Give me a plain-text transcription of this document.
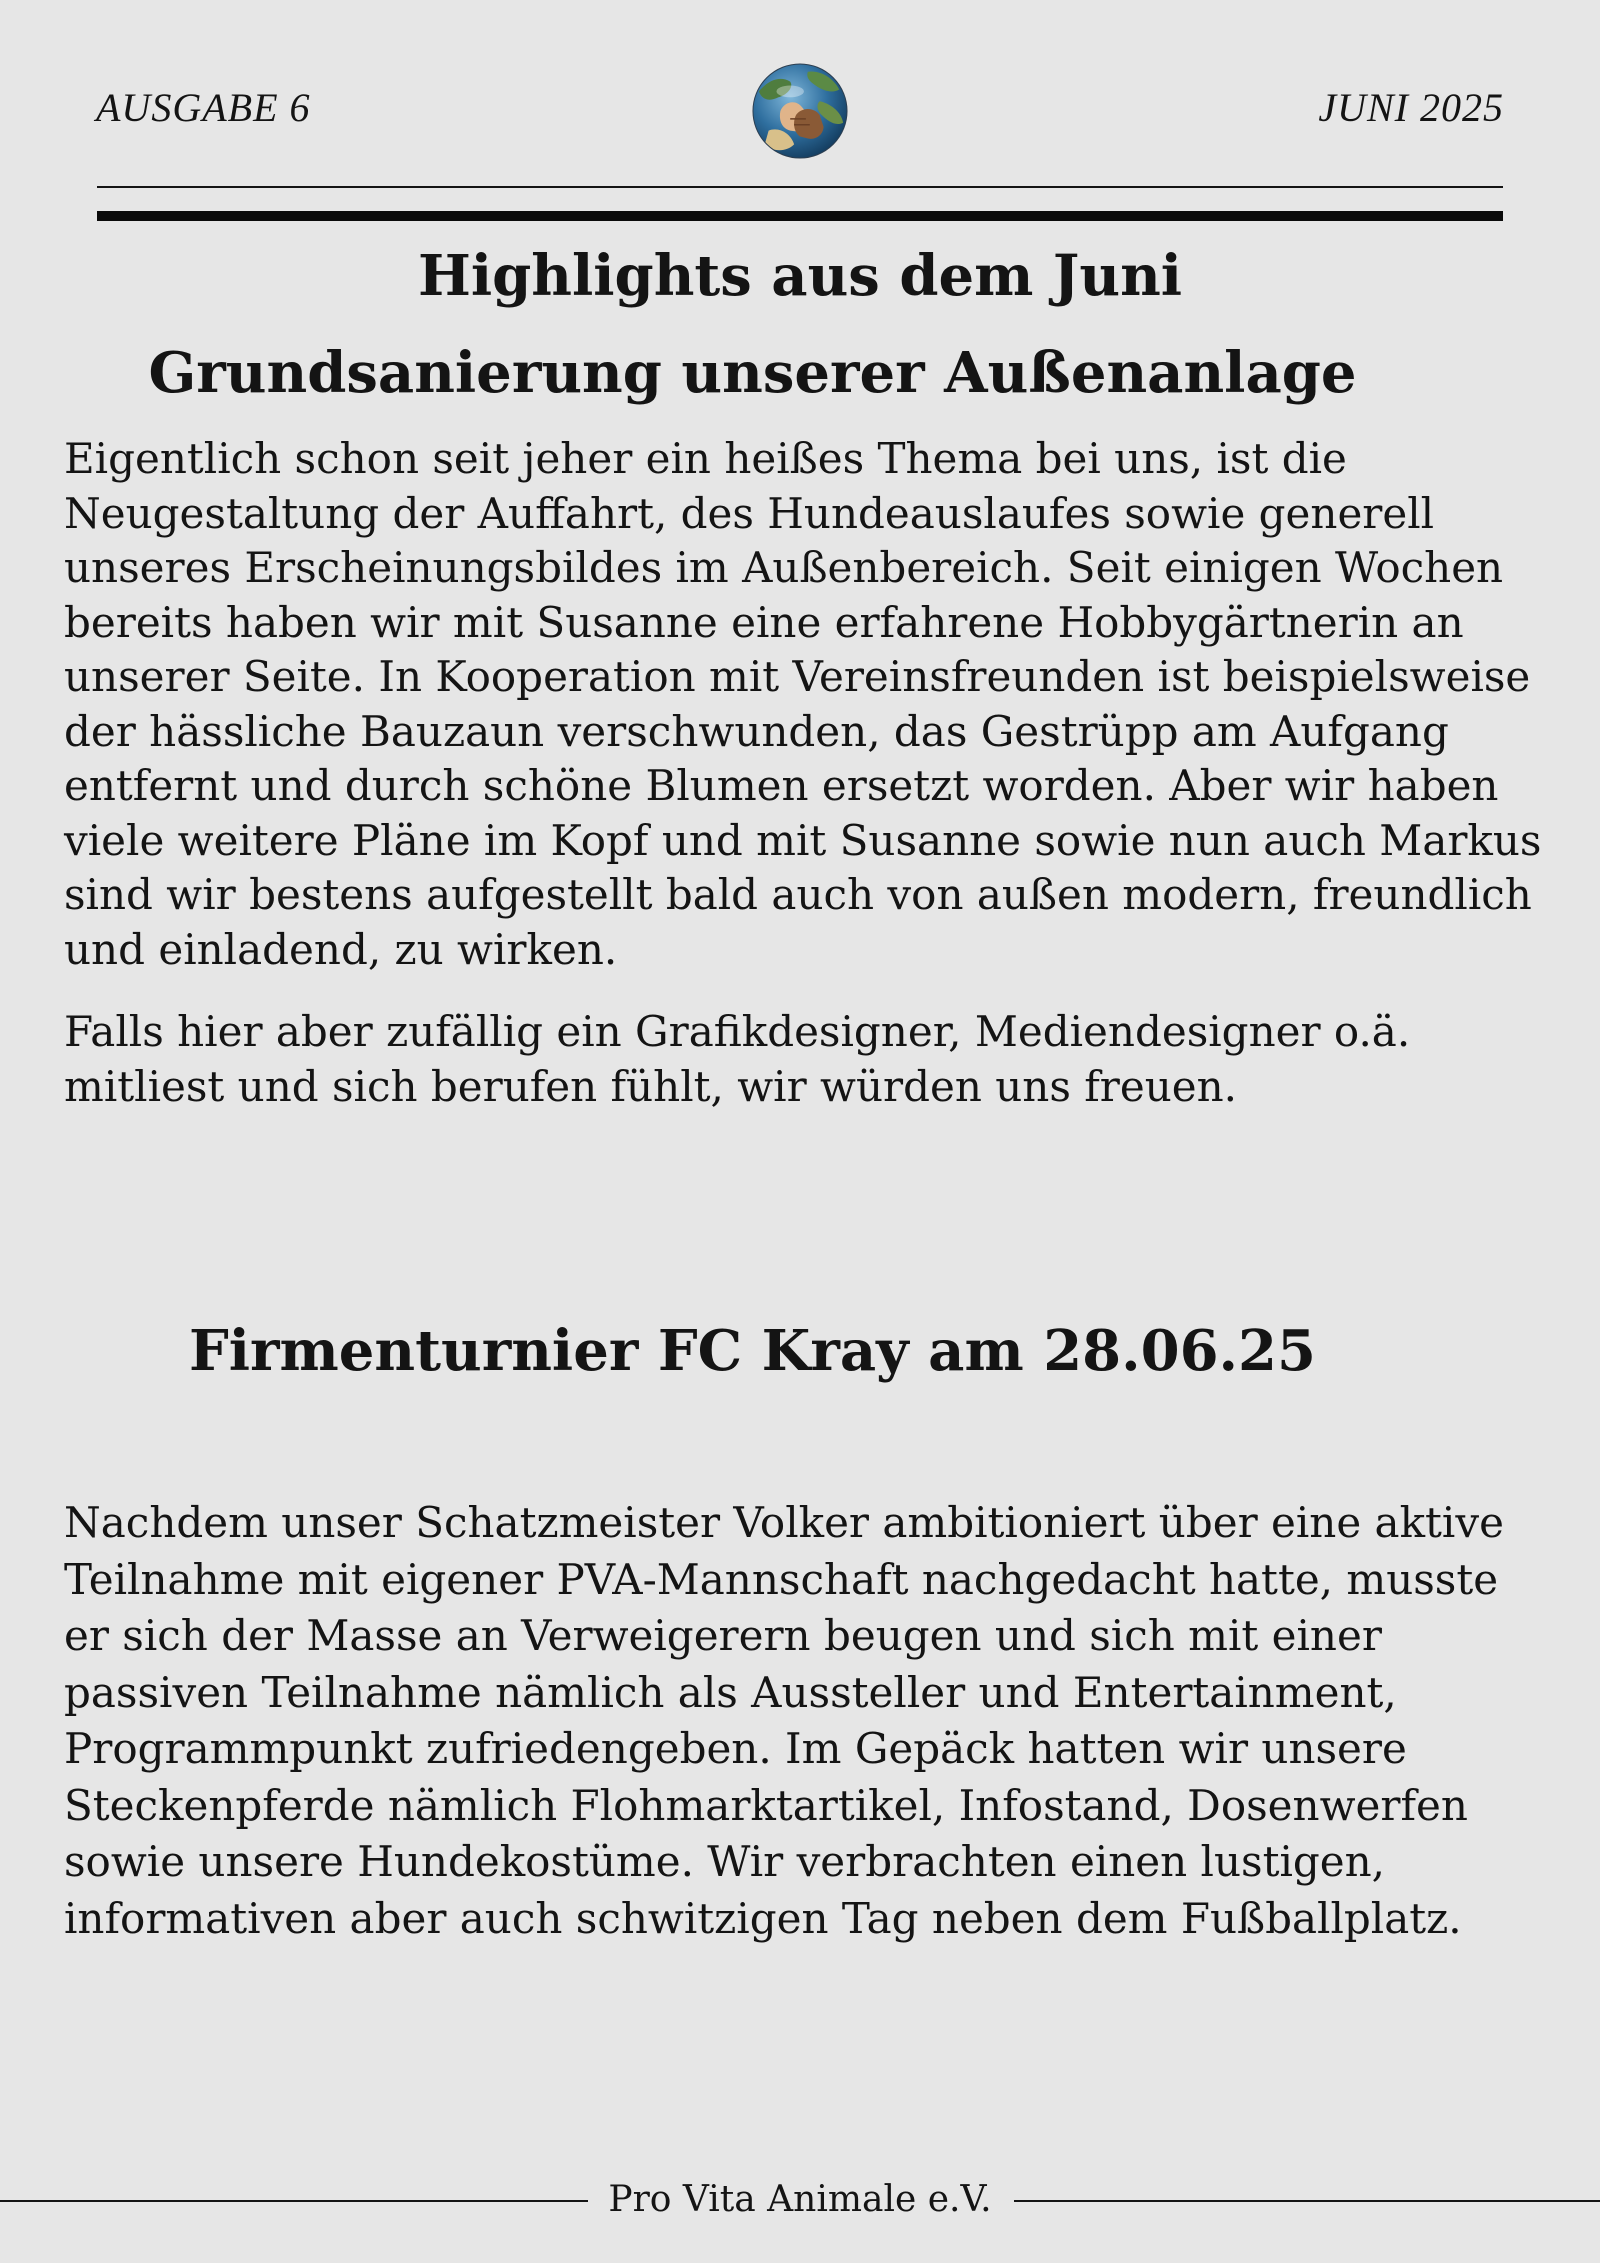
AUSGABE 6	JUNI 2025
Highlights aus dem Juni
Grundsanierung unserer Außenanlage

Eigentlich schon seit jeher ein heißes Thema bei uns, ist die Neugestaltung der Auffahrt, des Hundeauslaufes sowie generell unseres Erscheinungsbildes im Außenbereich. Seit einigen Wochen bereits haben wir mit Susanne eine erfahrene Hobbygärtnerin an unserer Seite. In Kooperation mit Vereinsfreunden ist beispielsweise der hässliche Bauzaun verschwunden, das Gestrüpp am Aufgang entfernt und durch schöne Blumen ersetzt worden. Aber wir haben viele weitere Pläne im Kopf und mit Susanne sowie nun auch Markus sind wir bestens aufgestellt bald auch von außen modern, freundlich und einladend, zu wirken.

Falls hier aber zufällig ein Grafikdesigner, Mediendesigner o.ä. mitliest und sich berufen fühlt, wir würden uns freuen.

Firmenturnier FC Kray am 28.06.25

Nachdem unser Schatzmeister Volker ambitioniert über eine aktive Teilnahme mit eigener PVA-Mannschaft nachgedacht hatte, musste er sich der Masse an Verweigerern beugen und sich mit einer passiven Teilnahme nämlich als Aussteller und Entertainment, Programmpunkt zufriedengeben. Im Gepäck hatten wir unsere Steckenpferde nämlich Flohmarktartikel, Infostand, Dosenwerfen sowie unsere Hundekostüme. Wir verbrachten einen lustigen, informativen aber auch schwitzigen Tag neben dem Fußballplatz.

Pro Vita Animale e.V.
